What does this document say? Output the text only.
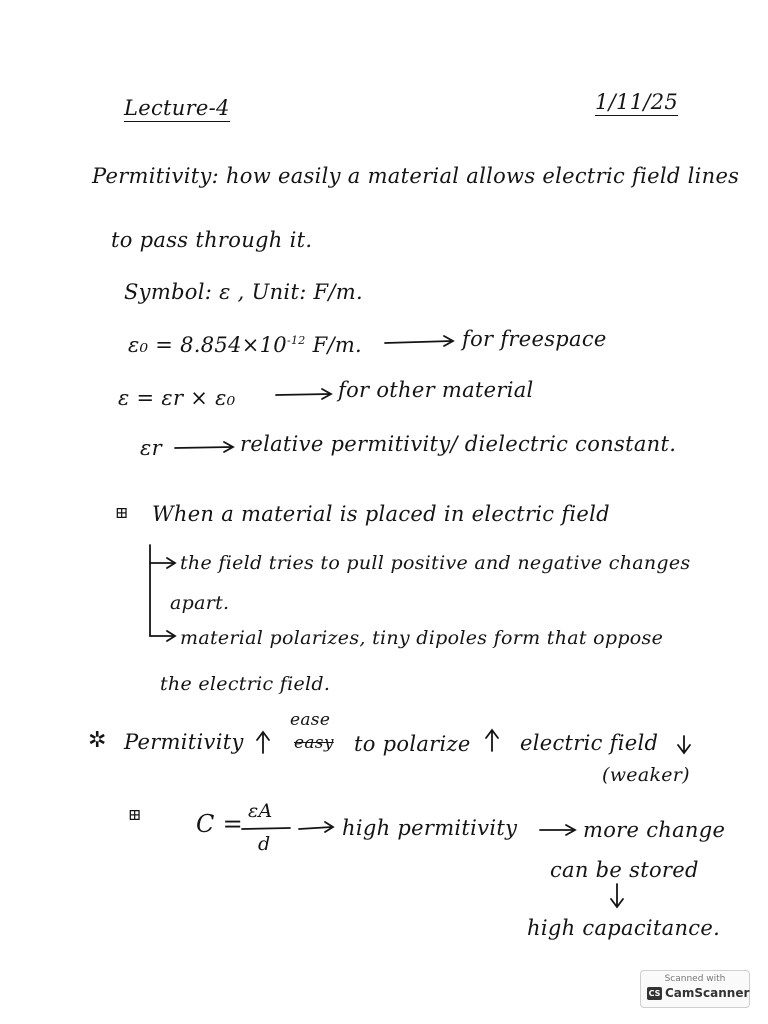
Lecture-4	1/11/25
Permitivity: how easily a material allows electric field lines
to pass through it.
Symbol: ε , Unit: F/m.
$\varepsilon_0 = 8.854\times 10^{-12}$ F/m.	for freespace
ε = εr × ε₀	for other material
εr	relative permitivity/ dielectric constant.
⊞ When a material is placed in electric field
the field tries to pull positive and negative changes
apart.
material polarizes, tiny dipoles form that oppose
the electric field.
✲ Permitivity
ease
easy to polarize electric field
(weaker)
⊞ C = εA
d
high permitivity	more change
can be stored
high capacitance.
Scanned with
CS CamScanner
